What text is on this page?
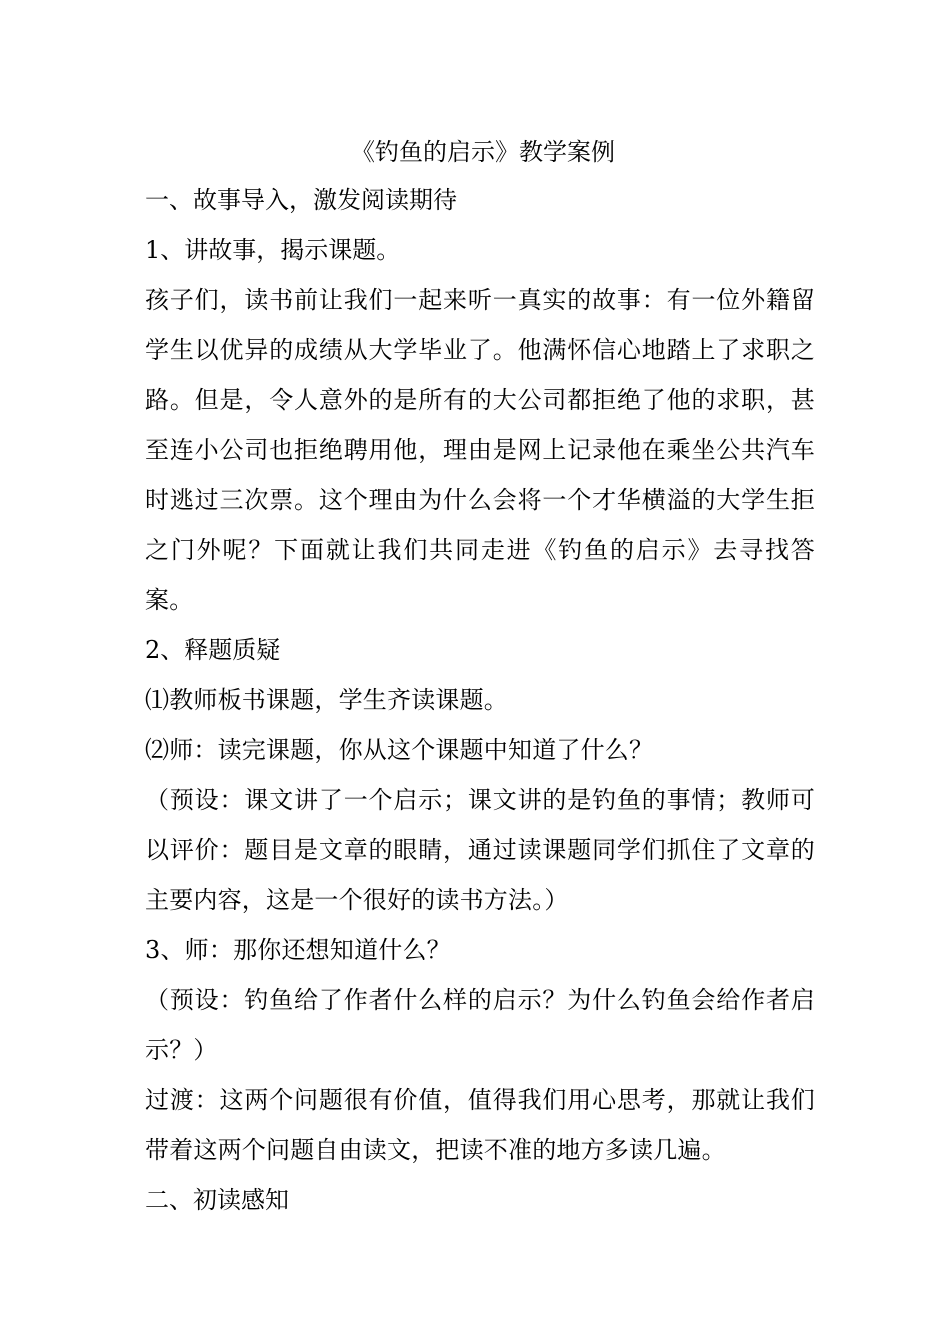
《钓鱼的启示》教学案例

一、故事导入，激发阅读期待

1、讲故事，揭示课题。

孩子们，读书前让我们一起来听一真实的故事：有一位外籍留学生以优异的成绩从大学毕业了。他满怀信心地踏上了求职之路。但是，令人意外的是所有的大公司都拒绝了他的求职，甚至连小公司也拒绝聘用他，理由是网上记录他在乘坐公共汽车时逃过三次票。这个理由为什么会将一个才华横溢的大学生拒之门外呢？下面就让我们共同走进《钓鱼的启示》去寻找答案。

2、释题质疑

⑴教师板书课题，学生齐读课题。

⑵师：读完课题，你从这个课题中知道了什么？

（预设：课文讲了一个启示；课文讲的是钓鱼的事情；教师可以评价：题目是文章的眼睛，通过读课题同学们抓住了文章的主要内容，这是一个很好的读书方法。）

3、师：那你还想知道什么？

（预设：钓鱼给了作者什么样的启示？为什么钓鱼会给作者启示？）

过渡：这两个问题很有价值，值得我们用心思考，那就让我们带着这两个问题自由读文，把读不准的地方多读几遍。

二、初读感知
